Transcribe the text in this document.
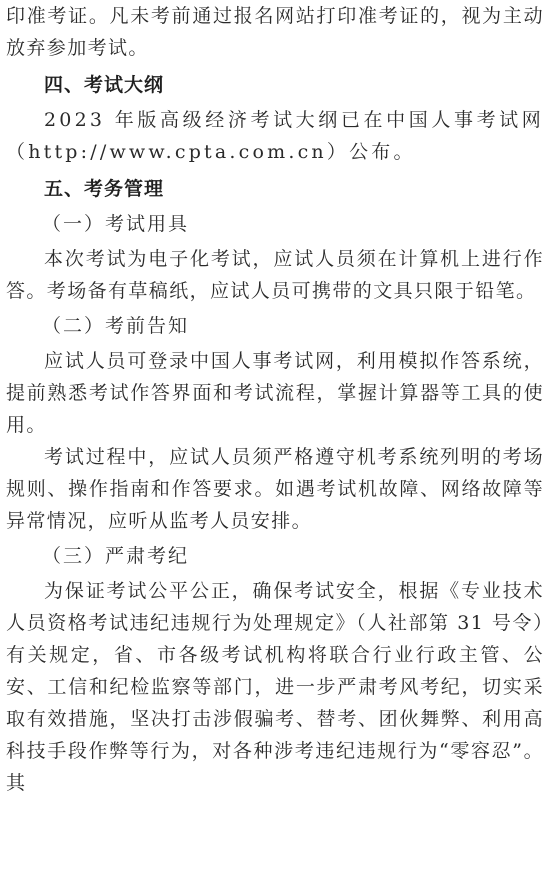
印准考证。凡未考前通过报名网站打印准考证的，视为主动放弃参加考试。

四、考试大纲

2023 年版高级经济考试大纲已在中国人事考试网（http://www.cpta.com.cn）公布。

五、考务管理

（一）考试用具

本次考试为电子化考试，应试人员须在计算机上进行作答。考场备有草稿纸，应试人员可携带的文具只限于铅笔。

（二）考前告知

应试人员可登录中国人事考试网，利用模拟作答系统，提前熟悉考试作答界面和考试流程，掌握计算器等工具的使用。

考试过程中，应试人员须严格遵守机考系统列明的考场规则、操作指南和作答要求。如遇考试机故障、网络故障等异常情况，应听从监考人员安排。

（三）严肃考纪

为保证考试公平公正，确保考试安全，根据《专业技术人员资格考试违纪违规行为处理规定》（人社部第 31 号令）有关规定，省、市各级考试机构将联合行业行政主管、公安、工信和纪检监察等部门，进一步严肃考风考纪，切实采取有效措施，坚决打击涉假骗考、替考、团伙舞弊、利用高科技手段作弊等行为，对各种涉考违纪违规行为“零容忍”。其
